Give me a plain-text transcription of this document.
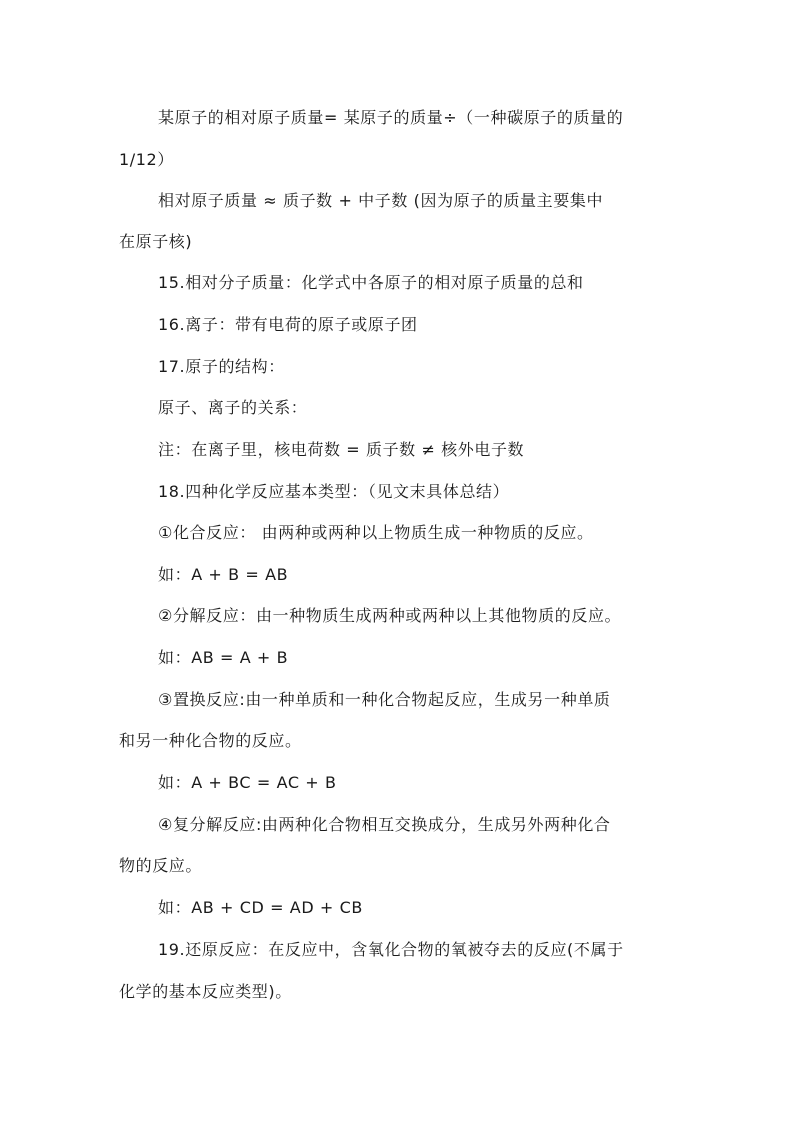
某原子的相对原子质量= 某原子的质量÷（一种碳原子的质量的
1/12）
相对原子质量 ≈ 质子数 + 中子数 (因为原子的质量主要集中
在原子核)
15.相对分子质量：化学式中各原子的相对原子质量的总和
16.离子：带有电荷的原子或原子团
17.原子的结构：
原子、离子的关系：
注：在离子里，核电荷数 = 质子数 ≠ 核外电子数
18.四种化学反应基本类型：（见文末具体总结）
①化合反应： 由两种或两种以上物质生成一种物质的反应。
如：A + B = AB
②分解反应：由一种物质生成两种或两种以上其他物质的反应。
如：AB = A + B
③置换反应:由一种单质和一种化合物起反应，生成另一种单质
和另一种化合物的反应。
如：A + BC = AC + B
④复分解反应:由两种化合物相互交换成分，生成另外两种化合
物的反应。
如：AB + CD = AD + CB
19.还原反应：在反应中，含氧化合物的氧被夺去的反应(不属于
化学的基本反应类型)。
